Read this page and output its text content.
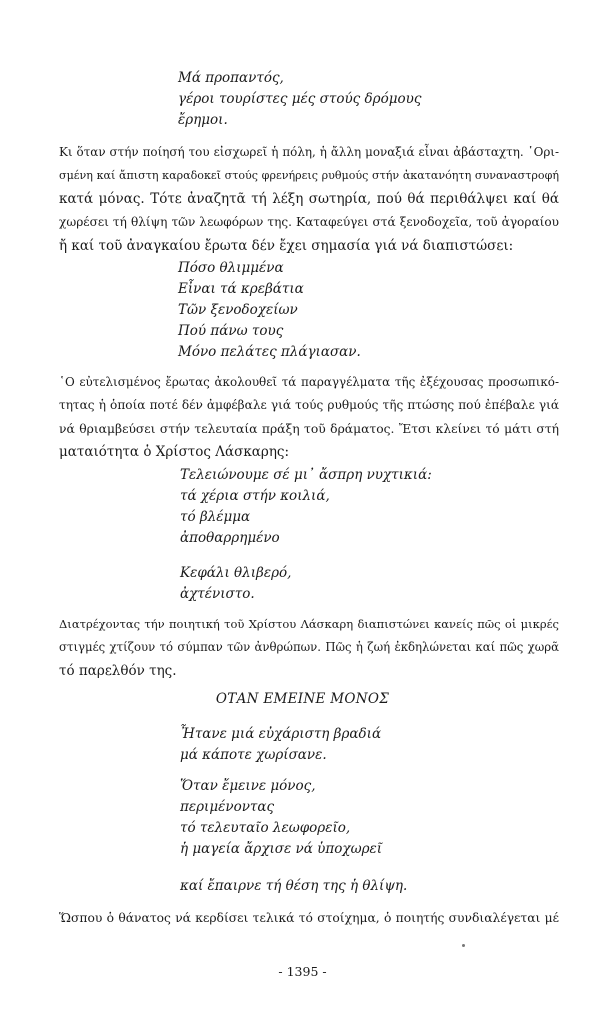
Μά προπαντός,
γέροι τουρίστες μές στούς δρόμους
ἔρημοι.
Κι ὅταν στήν ποίησή του εἰσχωρεῖ ἡ πόλη, ἡ ἄλλη μοναξιά εἶναι ἀβάσταχτη. ῾Ορι-
σμένη καί ἄπιστη καραδοκεῖ στούς φρενήρεις ρυθμούς στήν ἀκατανόητη συναναστροφή
κατά μόνας. Τότε ἀναζητᾶ τή λέξη σωτηρία, πού θά περιθάλψει καί θά
χωρέσει τή θλίψη τῶν λεωφόρων της. Καταφεύγει στά ξενοδοχεῖα, τοῦ ἀγοραίου
ἤ καί τοῦ ἀναγκαίου ἔρωτα δέν ἔχει σημασία γιά νά διαπιστώσει:
Πόσο θλιμμένα
Εἶναι τά κρεβάτια
Τῶν ξενοδοχείων
Πού πάνω τους
Μόνο πελάτες πλάγιασαν.
῾Ο εὐτελισμένος ἔρωτας ἀκολουθεῖ τά παραγγέλματα τῆς ἐξέχουσας προσωπικό-
τητας ἡ ὁποία ποτέ δέν ἀμφέβαλε γιά τούς ρυθμούς τῆς πτώσης πού ἐπέβαλε γιά
νά θριαμβεύσει στήν τελευταία πράξη τοῦ δράματος. Ἔτσι κλείνει τό μάτι στή
ματαιότητα ὁ Χρίστος Λάσκαρης:
Τελειώνουμε σέ μι᾽ ἄσπρη νυχτικιά:
τά χέρια στήν κοιλιά,
τό βλέμμα
ἀποθαρρημένο
Κεφάλι θλιβερό,
ἀχτένιστο.
Διατρέχοντας τήν ποιητική τοῦ Χρίστου Λάσκαρη διαπιστώνει κανείς πῶς οἱ μικρές
στιγμές χτίζουν τό σύμπαν τῶν ἀνθρώπων. Πῶς ἡ ζωή ἐκδηλώνεται καί πῶς χωρᾶ
τό παρελθόν της.
ΟΤΑΝ ΕΜΕΙΝΕ ΜΟΝΟΣ
Ἦτανε μιά εὐχάριστη βραδιά
μά κάποτε χωρίσανε.
Ὅταν ἔμεινε μόνος,
περιμένοντας
τό τελευταῖο λεωφορεῖο,
ἡ μαγεία ἄρχισε νά ὑποχωρεῖ
καί ἔπαιρνε τή θέση της ἡ θλίψη.
Ὥσπου ὁ θάνατος νά κερδίσει τελικά τό στοίχημα, ὁ ποιητής συνδιαλέγεται μέ
- 1395 -
